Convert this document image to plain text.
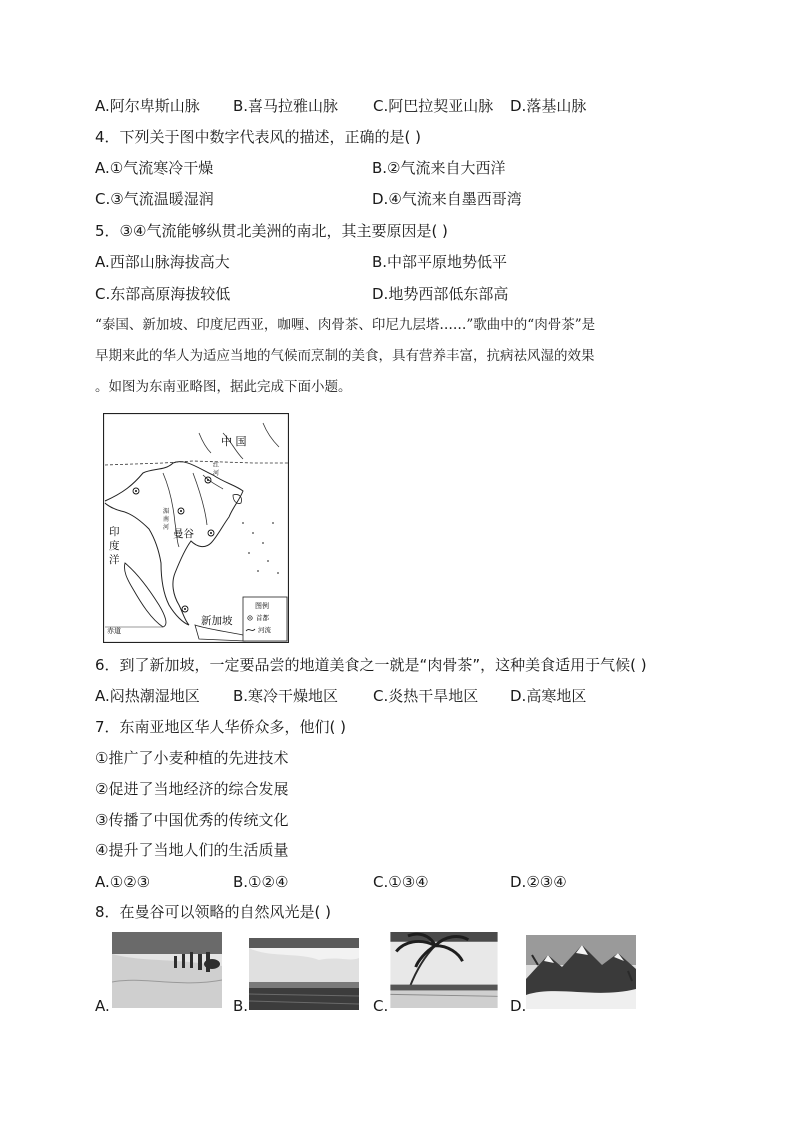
A.阿尔卑斯山脉 B.喜马拉雅山脉 C.阿巴拉契亚山脉 D.落基山脉
4．下列关于图中数字代表风的描述，正确的是( )
A.①气流寒冷干燥	B.②气流来自大西洋
C.③气流温暖湿润	D.④气流来自墨西哥湾
5．③④气流能够纵贯北美洲的南北，其主要原因是( )
A.西部山脉海拔高大	B.中部平原地势低平
C.东部高原海拔较低	D.地势西部低东部高
“泰国、新加坡、印度尼西亚，咖喱、肉骨茶、印尼九层塔……”歌曲中的“肉骨茶”是
早期来此的华人为适应当地的气候而烹制的美食，具有营养丰富，抗病祛风湿的效果
。如图为东南亚略图，据此完成下面小题。
中 国
印
度
洋
曼谷
新加坡
赤道
湄
南
河
红
河
图例
首都
河流
6．到了新加坡，一定要品尝的地道美食之一就是“肉骨茶”，这种美食适用于气候( )
A.闷热潮湿地区 B.寒冷干燥地区 C.炎热干旱地区 D.高寒地区
7．东南亚地区华人华侨众多，他们( )
①推广了小麦种植的先进技术
②促进了当地经济的综合发展
③传播了中国优秀的传统文化
④提升了当地人们的生活质量
A.①②③	B.①②④	C.①③④	D.②③④
8．在曼谷可以领略的自然风光是( )
A.	B.	C.	D.
